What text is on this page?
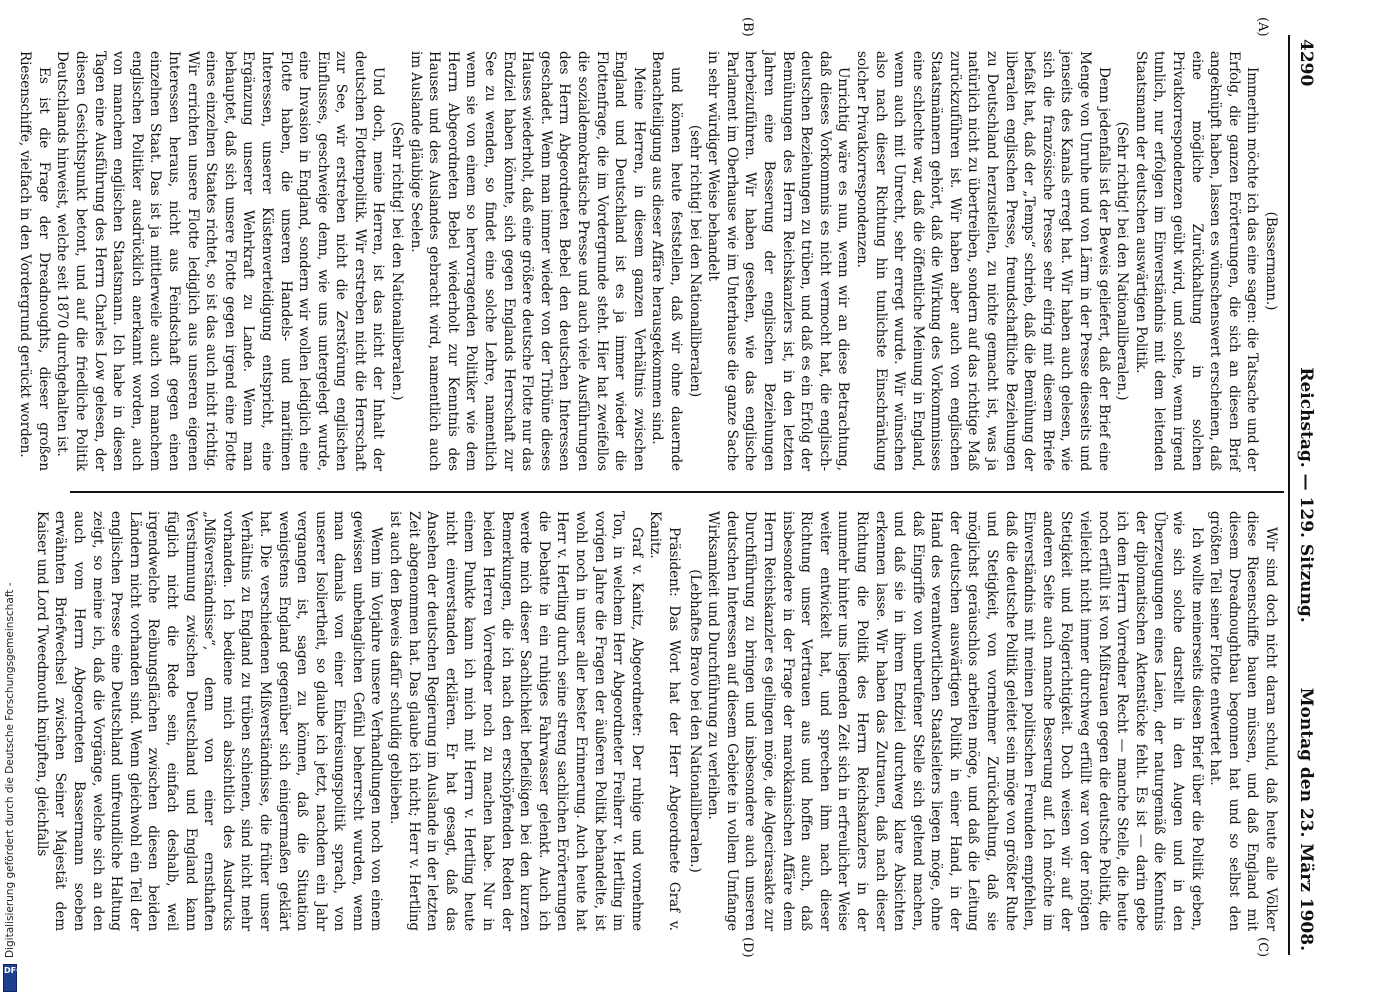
4290
Reichstag. — 129. Sitzung.
Montag den 23. März 1908.
(A)
(B)
(C)
(D)

(Bassermann.)

Immerhin möchte ich das eine sagen: die Tatsache und der Erfolg, die ganzen Erörterungen, die sich an diesen Brief angeknüpft haben, lassen es wünschenswert erscheinen, daß eine mögliche Zurückhaltung in solchen Privatkorrespondenzen geübt wird, und solche, wenn irgend tunlich, nur erfolgen im Einverständnis mit dem leitenden Staatsmann der deutschen auswärtigen Politik.

(Sehr richtig! bei den Nationalliberalen.)

Denn jedenfalls ist der Beweis geliefert, daß der Brief eine Menge von Unruhe und von Lärm in der Presse diesseits und jenseits des Kanals erregt hat. Wir haben auch gelesen, wie sich die französische Presse sehr eifrig mit diesem Briefe befaßt hat, daß der „Temps“ schrieb, daß die Bemühung der liberalen englischen Presse, freundschaftliche Beziehungen zu Deutschland herzustellen, zu nichte gemacht ist, was ja natürlich nicht zu übertreiben, sondern auf das richtige Maß zurückzuführen ist. Wir haben aber auch von englischen Staatsmännern gehört, daß die Wirkung des Vorkommnisses eine schlechte war, daß die öffentliche Meinung in England, wenn auch mit Unrecht, sehr erregt wurde. Wir wünschen also nach dieser Richtung hin tunlichste Einschränkung solcher Privatkorrespondenzen.

Unrichtig wäre es nun, wenn wir an diese Betrachtung, daß dieses Vorkommnis es nicht vermocht hat, die englisch-deutschen Beziehungen zu trüben, und daß es ein Erfolg der Bemühungen des Herrn Reichskanzlers ist, in den letzten Jahren eine Besserung der englischen Beziehungen herbeizuführen. Wir haben gesehen, wie das englische Parlament im Oberhause wie im Unterhause die ganze Sache in sehr würdiger Weise behandelt

(sehr richtig! bei den Nationalliberalen)

und können heute feststellen, daß wir ohne dauernde Benachteiligung aus dieser Affäre herausgekommen sind.

Meine Herren, in diesem ganzen Verhältnis zwischen England und Deutschland ist es ja immer wieder die Flottenfrage, die im Vordergrunde steht. Hier hat zweifellos die sozialdemokratische Presse und auch viele Ausführungen des Herrn Abgeordneten Bebel den deutschen Interessen geschadet. Wenn man immer wieder von der Tribüne dieses Hauses wiederholt, daß eine größere deutsche Flotte nur das Endziel haben könnte, sich gegen Englands Herrschaft zur See zu wenden, so findet eine solche Lehre, namentlich wenn sie von einem so hervorragenden Politiker wie dem Herrn Abgeordneten Bebel wiederholt zur Kenntnis des Hauses und des Auslandes gebracht wird, namentlich auch im Auslande gläubige Seelen.

(Sehr richtig! bei den Nationalliberalen.)

Und doch, meine Herren, ist das nicht der Inhalt der deutschen Flottenpolitik. Wir erstreben nicht die Herrschaft zur See, wir erstreben nicht die Zerstörung englischen Einflusses, geschweige denn, wie uns untergelegt wurde, eine Invasion in England, sondern wir wollen lediglich eine Flotte haben, die unseren Handels- und maritimen Interessen, unserer Küstenverteidigung entspricht, eine Ergänzung unserer Wehrkraft zu Lande. Wenn man behauptet, daß sich unsere Flotte gegen irgend eine Flotte eines einzelnen Staates richtet, so ist das auch nicht richtig. Wir errichten unsere Flotte lediglich aus unseren eigenen Interessen heraus, nicht aus Feindschaft gegen einen einzelnen Staat. Das ist ja mittlerweile auch von manchem englischen Politiker ausdrücklich anerkannt worden, auch von manchem englischen Staatsmann. Ich habe in diesen Tagen eine Ausführung des Herrn Charles Low gelesen, der diesen Gesichtspunkt betont, und auf die friedliche Politik Deutschlands hinweist, welche seit 1870 durchgehalten ist.

Es ist die Frage der Dreadnoughts, dieser großen Riesenschiffe, vielfach in den Vordergrund gerückt worden.

Wir sind doch nicht daran schuld, daß heute alle Völker diese Riesenschiffe bauen müssen, und daß England mit diesem Dreadnoughtbau begonnen hat und so selbst den größten Teil seiner Flotte entwertet hat.

Ich wollte meinerseits diesen Brief über die Politik geben, wie sich solche darstellt in den Augen und in den Überzeugungen eines Laien, der naturgemäß die Kenntnis der diplomatischen Aktenstücke fehlt. Es ist — darin gebe ich dem Herrn Vorredner Recht — manche Stelle, die heute noch erfüllt ist von Mißtrauen gegen die deutsche Politik, die vielleicht nicht immer durchweg erfüllt war von der nötigen Stetigkeit und Folgerichtigkeit. Doch weisen wir auf der anderen Seite auch manche Besserung auf. Ich möchte im Einverständnis mit meinen politischen Freunden empfehlen, daß die deutsche Politik geleitet sein möge von größter Ruhe und Stetigkeit, von vornehmer Zurückhaltung, daß sie möglichst geräuschlos arbeiten möge, und daß die Leitung der deutschen auswärtigen Politik in einer Hand, in der Hand des verantwortlichen Staatsleiters liegen möge, ohne daß Eingriffe von unberufener Stelle sich geltend machen, und daß sie in ihrem Endziel durchweg klare Absichten erkennen lasse. Wir haben das Zutrauen, daß nach dieser Richtung die Politik des Herrn Reichskanzlers in der nunmehr hinter uns liegenden Zeit sich in erfreulicher Weise weiter entwickelt hat, und sprechen ihm nach dieser Richtung unser Vertrauen aus und hoffen auch, daß insbesondere in der Frage der marokkanischen Affäre dem Herrn Reichskanzler es gelingen möge, die Algecirasakte zur Durchführung zu bringen und insbesondere auch unseren deutschen Interessen auf diesem Gebiete in vollem Umfange Wirksamkeit und Durchführung zu verleihen.

(Lebhaftes Bravo bei den Nationalliberalen.)

Präsident: Das Wort hat der Herr Abgeordnete Graf v. Kanitz.

Graf v. Kanitz, Abgeordneter: Der ruhige und vornehme Ton, in welchem Herr Abgeordneter Freiherr v. Hertling im vorigen Jahre die Fragen der äußeren Politik behandelte, ist wohl noch in unser aller bester Erinnerung. Auch heute hat Herr v. Hertling durch seine streng sachlichen Erörterungen die Debatte in ein ruhiges Fahrwasser gelenkt. Auch ich werde mich dieser Sachlichkeit befleißigen bei den kurzen Bemerkungen, die ich nach den erschöpfenden Reden der beiden Herren Vorredner noch zu machen habe. Nur in einem Punkte kann ich mich mit Herrn v. Hertling heute nicht einverstanden erklären. Er hat gesagt, daß das Ansehen der deutschen Regierung im Auslande in der letzten Zeit abgenommen hat. Das glaube ich nicht; Herr v. Hertling ist auch den Beweis dafür schuldig geblieben.

Wenn im Vorjahre unsere Verhandlungen noch von einem gewissen unbehaglichen Gefühl beherrscht wurden, wenn man damals von einer Einkreisungspolitik sprach, von unserer Isoliertheit, so glaube ich jetzt, nachdem ein Jahr vergangen ist, sagen zu können, daß die Situation wenigstens England gegenüber sich einigermaßen geklärt hat. Die verschiedenen Mißverständnisse, die früher unser Verhältnis zu England zu trüben schienen, sind nicht mehr vorhanden. Ich bediene mich absichtlich des Ausdrucks „Mißverständnisse“, denn von einer ernsthaften Verstimmung zwischen Deutschland und England kann füglich nicht die Rede sein, einfach deshalb, weil irgendwelche Reibungsflächen zwischen diesen beiden Ländern nicht vorhanden sind. Wenn gleichwohl ein Teil der englischen Presse eine Deutschland unfreundliche Haltung zeigt, so meine ich, daß die Vorgänge, welche sich an den auch vom Herrn Abgeordneten Bassermann soeben erwähnten Briefwechsel zwischen Seiner Majestät dem Kaiser und Lord Tweedmouth knüpften, gleichfalls

Digitalisierung gefördert durch die Deutsche Forschungsgemeinschaft -
DFG
